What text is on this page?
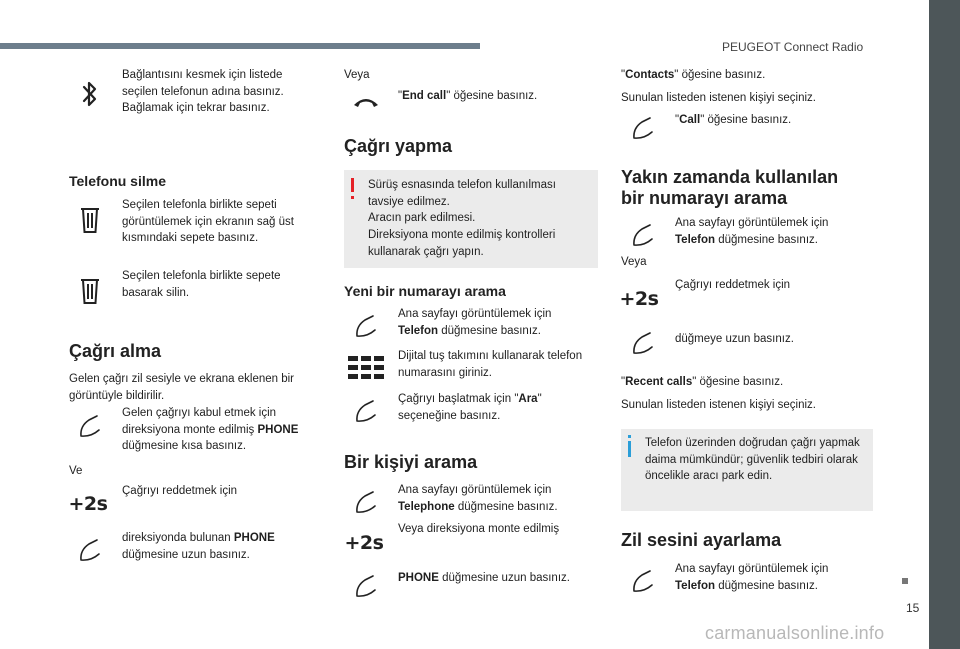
PEUGEOT Connect Radio
Bağlantısını kesmek için listede
seçilen telefonun adına basınız.
Bağlamak için tekrar basınız.
Telefonu silme
Seçilen telefonla birlikte sepeti
görüntülemek için ekranın sağ üst
kısmındaki sepete basınız.
Seçilen telefonla birlikte sepete
basarak silin.
Çağrı alma
Gelen çağrı zil sesiyle ve ekrana eklenen bir
görüntüyle bildirilir.
Gelen çağrıyı kabul etmek için
direksiyona monte edilmiş PHONE
düğmesine kısa basınız.
Ve
+2s
Çağrıyı reddetmek için
direksiyonda bulunan PHONE
düğmesine uzun basınız.
Veya
"End call" öğesine basınız.
Çağrı yapma
Sürüş esnasında telefon kullanılması
tavsiye edilmez.
Aracın park edilmesi.
Direksiyona monte edilmiş kontrolleri
kullanarak çağrı yapın.
Yeni bir numarayı arama
Ana sayfayı görüntülemek için
Telefon düğmesine basınız.
Dijital tuş takımını kullanarak telefon
numarasını giriniz.
Çağrıyı başlatmak için "Ara"
seçeneğine basınız.
Bir kişiyi arama
Ana sayfayı görüntülemek için
Telephone düğmesine basınız.
+2s
Veya direksiyona monte edilmiş
PHONE düğmesine uzun basınız.
"Contacts" öğesine basınız.
Sunulan listeden istenen kişiyi seçiniz.
"Call" öğesine basınız.
Yakın zamanda kullanılan
bir numarayı arama
Ana sayfayı görüntülemek için
Telefon düğmesine basınız.
Veya
+2s
Çağrıyı reddetmek için
düğmeye uzun basınız.
"Recent calls" öğesine basınız.
Sunulan listeden istenen kişiyi seçiniz.
Telefon üzerinden doğrudan çağrı yapmak
daima mümkündür; güvenlik tedbiri olarak
öncelikle aracı park edin.
Zil sesini ayarlama
Ana sayfayı görüntülemek için
Telefon düğmesine basınız.
15
carmanualsonline.info
